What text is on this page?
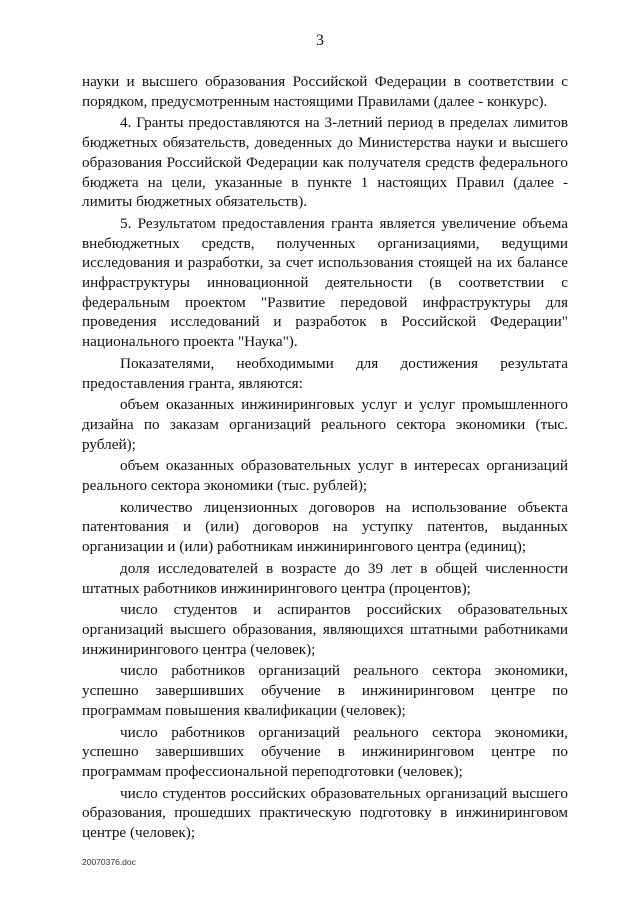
3

науки и высшего образования Российской Федерации в соответствии с порядком, предусмотренным настоящими Правилами (далее - конкурс).

4. Гранты предоставляются на 3-летний период в пределах лимитов бюджетных обязательств, доведенных до Министерства науки и высшего образования Российской Федерации как получателя средств федерального бюджета на цели, указанные в пункте 1 настоящих Правил (далее - лимиты бюджетных обязательств).

5. Результатом предоставления гранта является увеличение объема внебюджетных средств, полученных организациями, ведущими исследования и разработки, за счет использования стоящей на их балансе инфраструктуры инновационной деятельности (в соответствии с федеральным проектом "Развитие передовой инфраструктуры для проведения исследований и разработок в Российской Федерации" национального проекта "Наука").

Показателями, необходимыми для достижения результата предоставления гранта, являются:

объем оказанных инжиниринговых услуг и услуг промышленного дизайна по заказам организаций реального сектора экономики (тыс. рублей);

объем оказанных образовательных услуг в интересах организаций реального сектора экономики (тыс. рублей);

количество лицензионных договоров на использование объекта патентования и (или) договоров на уступку патентов, выданных организации и (или) работникам инжинирингового центра (единиц);

доля исследователей в возрасте до 39 лет в общей численности штатных работников инжинирингового центра (процентов);

число студентов и аспирантов российских образовательных организаций высшего образования, являющихся штатными работниками инжинирингового центра (человек);

число работников организаций реального сектора экономики, успешно завершивших обучение в инжиниринговом центре по программам повышения квалификации (человек);

число работников организаций реального сектора экономики, успешно завершивших обучение в инжиниринговом центре по программам профессиональной переподготовки (человек);

число студентов российских образовательных организаций высшего образования, прошедших практическую подготовку в инжиниринговом центре (человек);

20070376.doc
